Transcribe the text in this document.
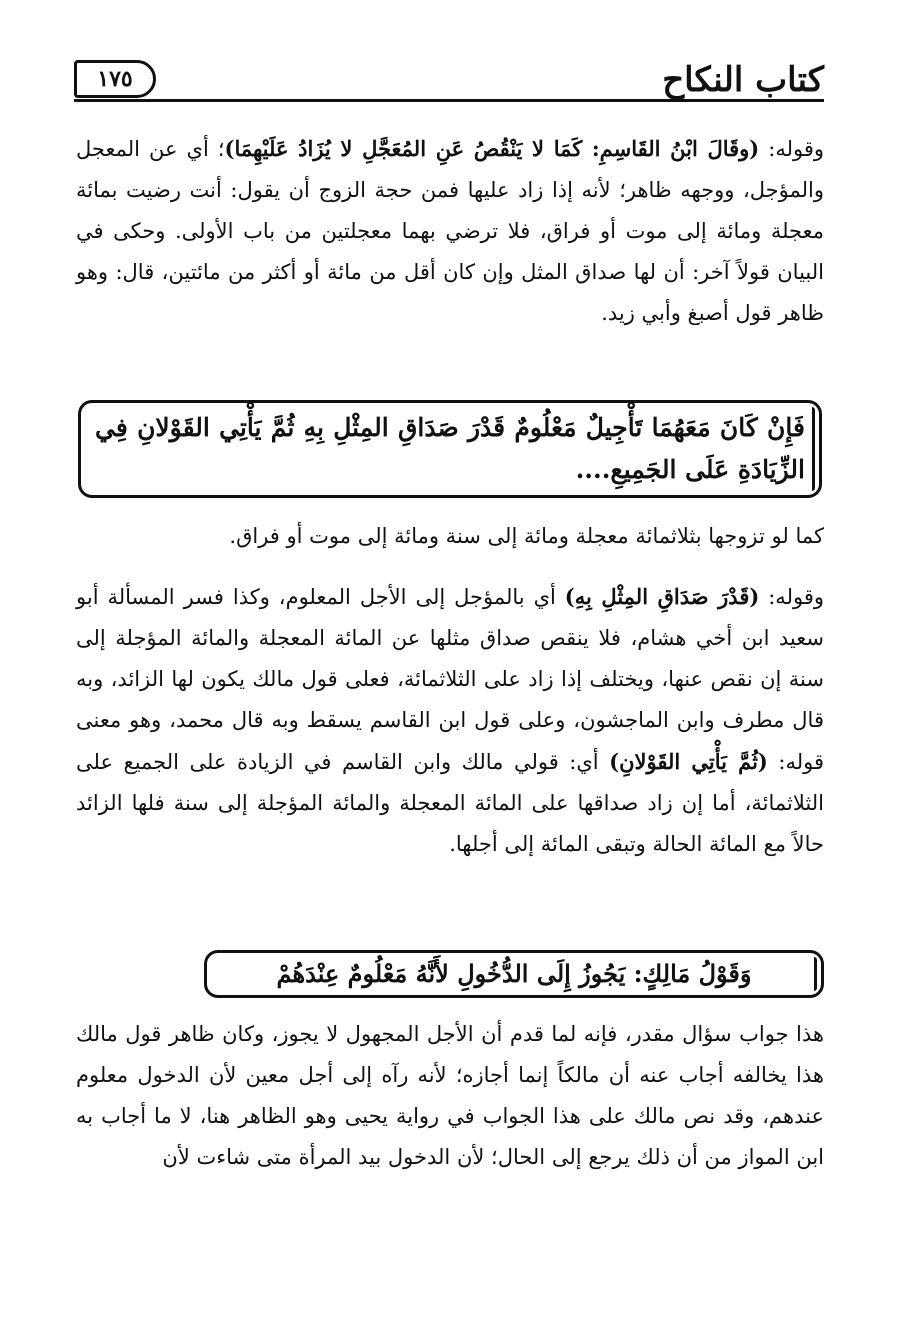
كتاب النكاح
١٧٥

وقوله: (وقَالَ ابْنُ القَاسِمِ: كَمَا لا يَنْقُصُ عَنِ المُعَجَّلِ لا يُزَادُ عَلَيْهِمَا)؛ أي عن المعجل والمؤجل، ووجهه ظاهر؛ لأنه إذا زاد عليها فمن حجة الزوج أن يقول: أنت رضيت بمائة معجلة ومائة إلى موت أو فراق، فلا ترضي بهما معجلتين من باب الأولى. وحكى في البيان قولاً آخر: أن لها صداق المثل وإن كان أقل من مائة أو أكثر من مائتين، قال: وهو ظاهر قول أصبغ وأبي زيد.

فَإِنْ كَانَ مَعَهُمَا تَأْجِيلٌ مَعْلُومٌ قَدْرَ صَدَاقِ المِثْلِ بِهِ ثُمَّ يَأْتِي القَوْلانِ فِي الزِّيَادَةِ عَلَى الجَمِيعِ....

كما لو تزوجها بثلاثمائة معجلة ومائة إلى سنة ومائة إلى موت أو فراق.

وقوله: (قَدْرَ صَدَاقِ المِثْلِ بِهِ) أي بالمؤجل إلى الأجل المعلوم، وكذا فسر المسألة أبو سعيد ابن أخي هشام، فلا ينقص صداق مثلها عن المائة المعجلة والمائة المؤجلة إلى سنة إن نقص عنها، ويختلف إذا زاد على الثلاثمائة، فعلى قول مالك يكون لها الزائد، وبه قال مطرف وابن الماجشون، وعلى قول ابن القاسم يسقط وبه قال محمد، وهو معنى قوله: (ثُمَّ يَأْتِي القَوْلانِ) أي: قولي مالك وابن القاسم في الزيادة على الجميع على الثلاثمائة، أما إن زاد صداقها على المائة المعجلة والمائة المؤجلة إلى سنة فلها الزائد حالاً مع المائة الحالة وتبقى المائة إلى أجلها.

وَقَوْلُ مَالِكٍ: يَجُوزُ إِلَى الدُّخُولِ لأَنَّهُ مَعْلُومٌ عِنْدَهُمْ

هذا جواب سؤال مقدر، فإنه لما قدم أن الأجل المجهول لا يجوز، وكان ظاهر قول مالك هذا يخالفه أجاب عنه أن مالكاً إنما أجازه؛ لأنه رآه إلى أجل معين لأن الدخول معلوم عندهم، وقد نص مالك على هذا الجواب في رواية يحيى وهو الظاهر هنا، لا ما أجاب به ابن المواز من أن ذلك يرجع إلى الحال؛ لأن الدخول بيد المرأة متى شاءت لأن
